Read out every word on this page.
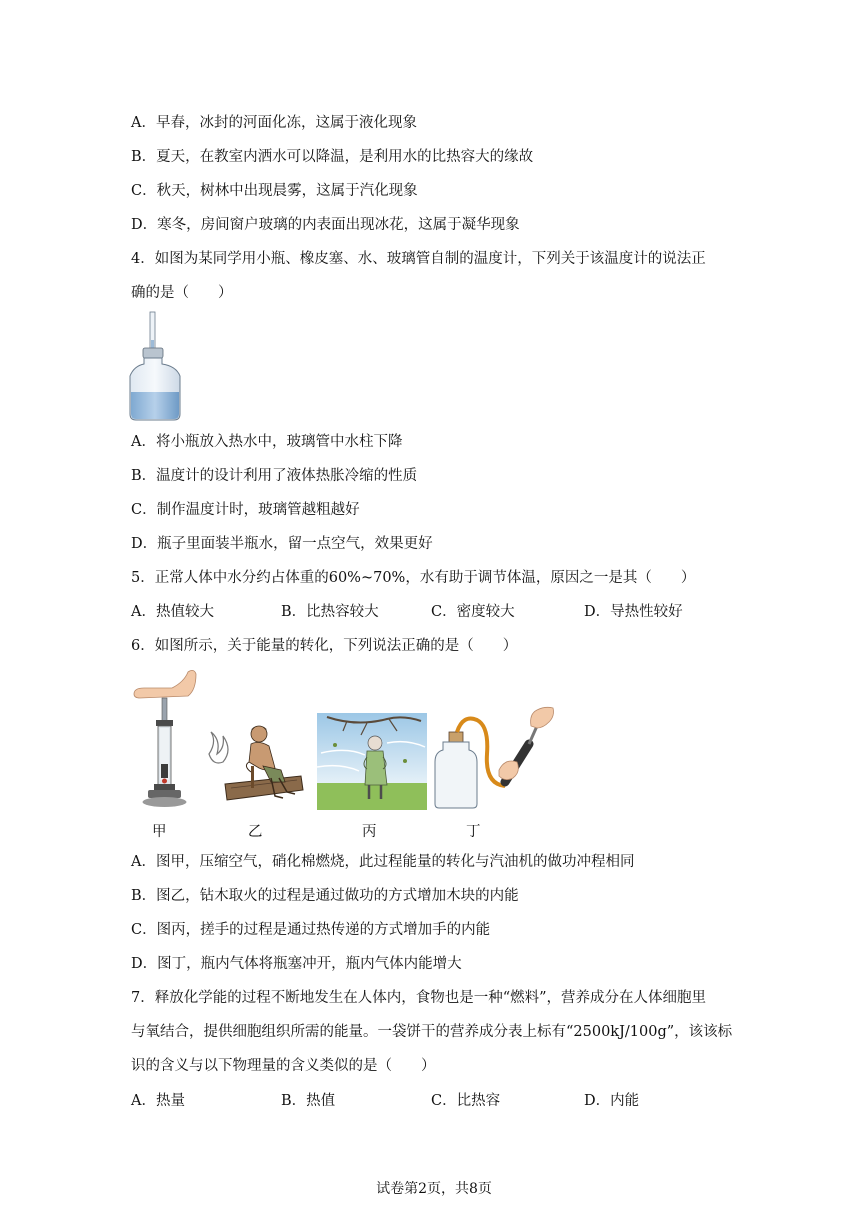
A．早春，冰封的河面化冻，这属于液化现象
B．夏天，在教室内洒水可以降温，是利用水的比热容大的缘故
C．秋天，树林中出现晨雾，这属于汽化现象
D．寒冬，房间窗户玻璃的内表面出现冰花，这属于凝华现象
4．如图为某同学用小瓶、橡皮塞、水、玻璃管自制的温度计，下列关于该温度计的说法正
确的是（　　）
A．将小瓶放入热水中，玻璃管中水柱下降
B．温度计的设计利用了液体热胀冷缩的性质
C．制作温度计时，玻璃管越粗越好
D．瓶子里面装半瓶水，留一点空气，效果更好
5．正常人体中水分约占体重的60%~70%，水有助于调节体温，原因之一是其（　　）
A．热值较大	B．比热容较大	C．密度较大	D．导热性较好
6．如图所示，关于能量的转化，下列说法正确的是（　　）
甲	乙	丙	丁
A．图甲，压缩空气，硝化棉燃烧，此过程能量的转化与汽油机的做功冲程相同
B．图乙，钻木取火的过程是通过做功的方式增加木块的内能
C．图丙，搓手的过程是通过热传递的方式增加手的内能
D．图丁，瓶内气体将瓶塞冲开，瓶内气体内能增大
7．释放化学能的过程不断地发生在人体内，食物也是一种“燃料”，营养成分在人体细胞里
与氧结合，提供细胞组织所需的能量。一袋饼干的营养成分表上标有“2500kJ/100g”，该该标
识的含义与以下物理量的含义类似的是（　　）
A．热量	B．热值	C．比热容	D．内能
试卷第2页，共8页
